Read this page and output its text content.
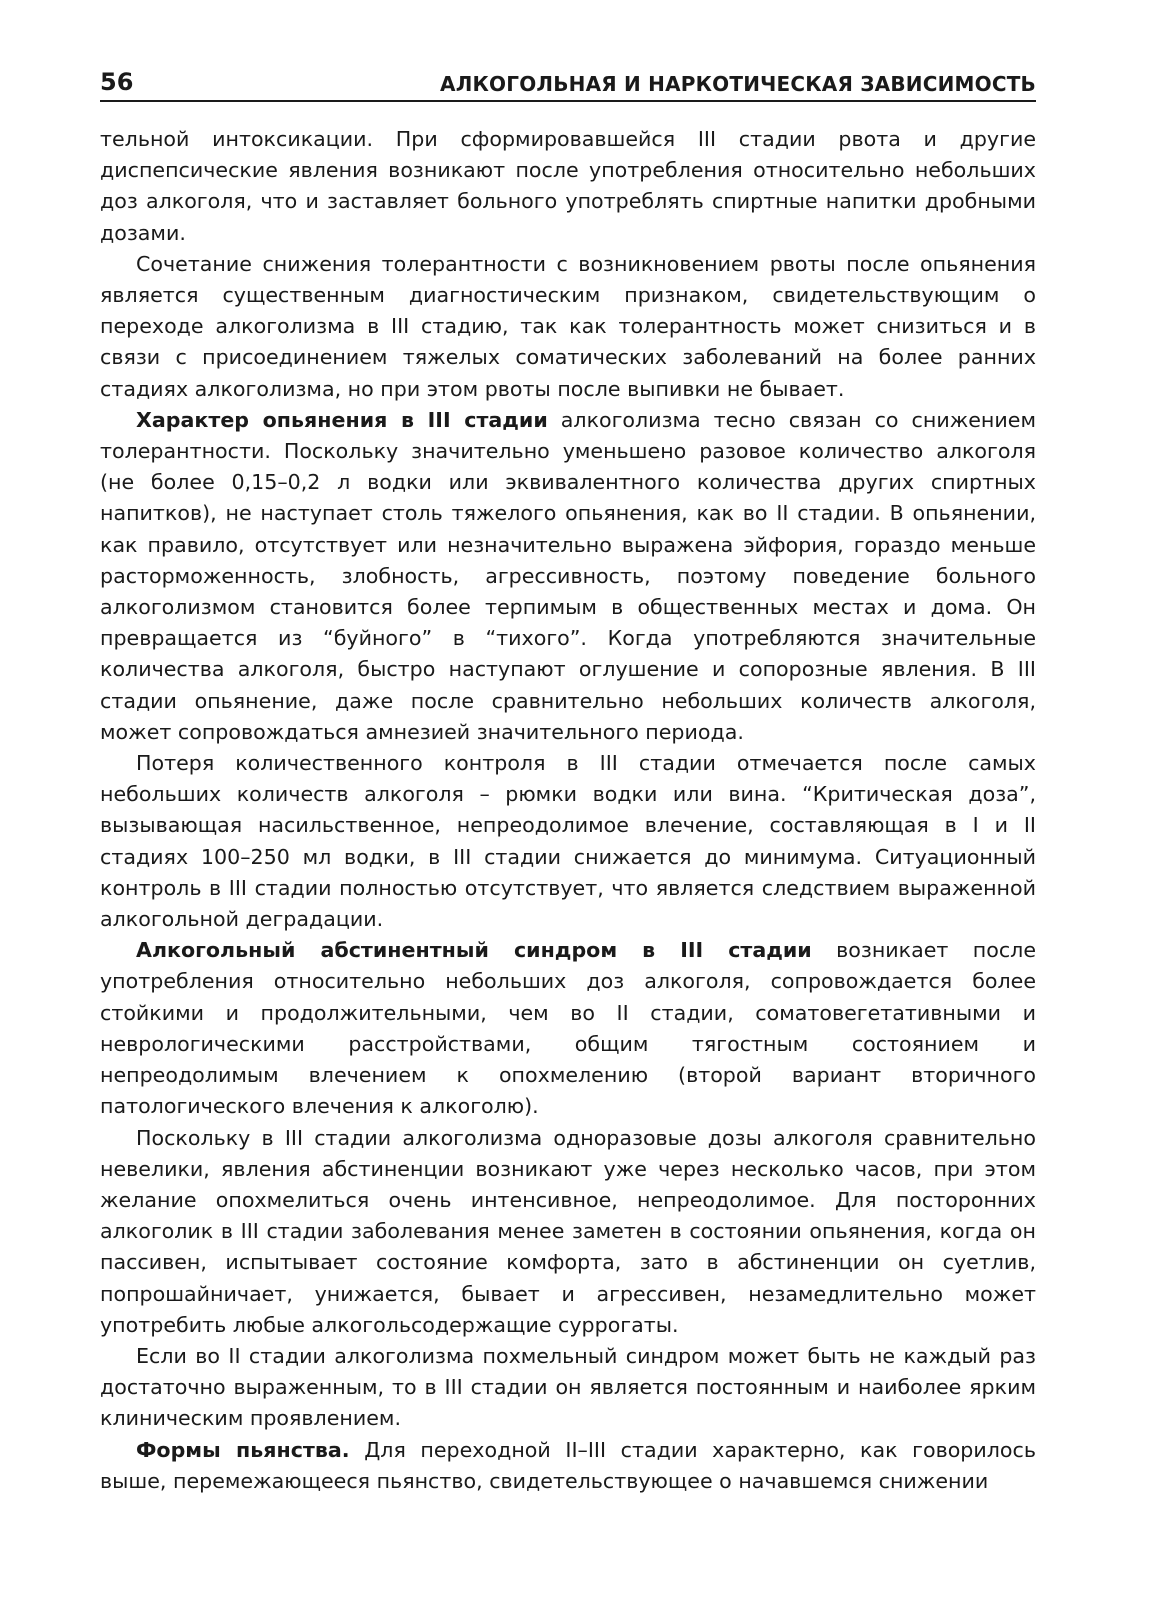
56	АЛКОГОЛЬНАЯ И НАРКОТИЧЕСКАЯ ЗАВИСИМОСТЬ

тельной интоксикации. При сформировавшейся III стадии рвота и другие диспепсические явления возникают после употребления относительно небольших доз алкоголя, что и заставляет больного употреблять спиртные напитки дробными дозами.

Сочетание снижения толерантности с возникновением рвоты после опьянения является существенным диагностическим признаком, свидетельствующим о переходе алкоголизма в III стадию, так как толерантность может снизиться и в связи с присоединением тяжелых соматических заболеваний на более ранних стадиях алкоголизма, но при этом рвоты после выпивки не бывает.

Характер опьянения в III стадии алкоголизма тесно связан со снижением толерантности. Поскольку значительно уменьшено разовое количество алкоголя (не более 0,15–0,2 л водки или эквивалентного количества других спиртных напитков), не наступает столь тяжелого опьянения, как во II стадии. В опьянении, как правило, отсутствует или незначительно выражена эйфория, гораздо меньше расторможенность, злобность, агрессивность, поэтому поведение больного алкоголизмом становится более терпимым в общественных местах и дома. Он превращается из “буйного” в “тихого”. Когда употребляются значительные количества алкоголя, быстро наступают оглушение и сопорозные явления. В III стадии опьянение, даже после сравнительно небольших количеств алкоголя, может сопровождаться амнезией значительного периода.

Потеря количественного контроля в III стадии отмечается после самых небольших количеств алкоголя – рюмки водки или вина. “Критическая доза”, вызывающая насильственное, непреодолимое влечение, составляющая в I и II стадиях 100–250 мл водки, в III стадии снижается до минимума. Ситуационный контроль в III стадии полностью отсутствует, что является следствием выраженной алкогольной деградации.

Алкогольный абстинентный синдром в III стадии возникает после употребления относительно небольших доз алкоголя, сопровождается более стойкими и продолжительными, чем во II стадии, соматовегетативными и неврологическими расстройствами, общим тягостным состоянием и непреодолимым влечением к опохмелению (второй вариант вторичного патологического влечения к алкоголю).

Поскольку в III стадии алкоголизма одноразовые дозы алкоголя сравнительно невелики, явления абстиненции возникают уже через несколько часов, при этом желание опохмелиться очень интенсивное, непреодолимое. Для посторонних алкоголик в III стадии заболевания менее заметен в состоянии опьянения, когда он пассивен, испытывает состояние комфорта, зато в абстиненции он суетлив, попрошайничает, унижается, бывает и агрессивен, незамедлительно может употребить любые алкогольсодержащие суррогаты.

Если во II стадии алкоголизма похмельный синдром может быть не каждый раз достаточно выраженным, то в III стадии он является постоянным и наиболее ярким клиническим проявлением.

Формы пьянства. Для переходной II–III стадии характерно, как говорилось выше, перемежающееся пьянство, свидетельствующее о начавшемся снижении
